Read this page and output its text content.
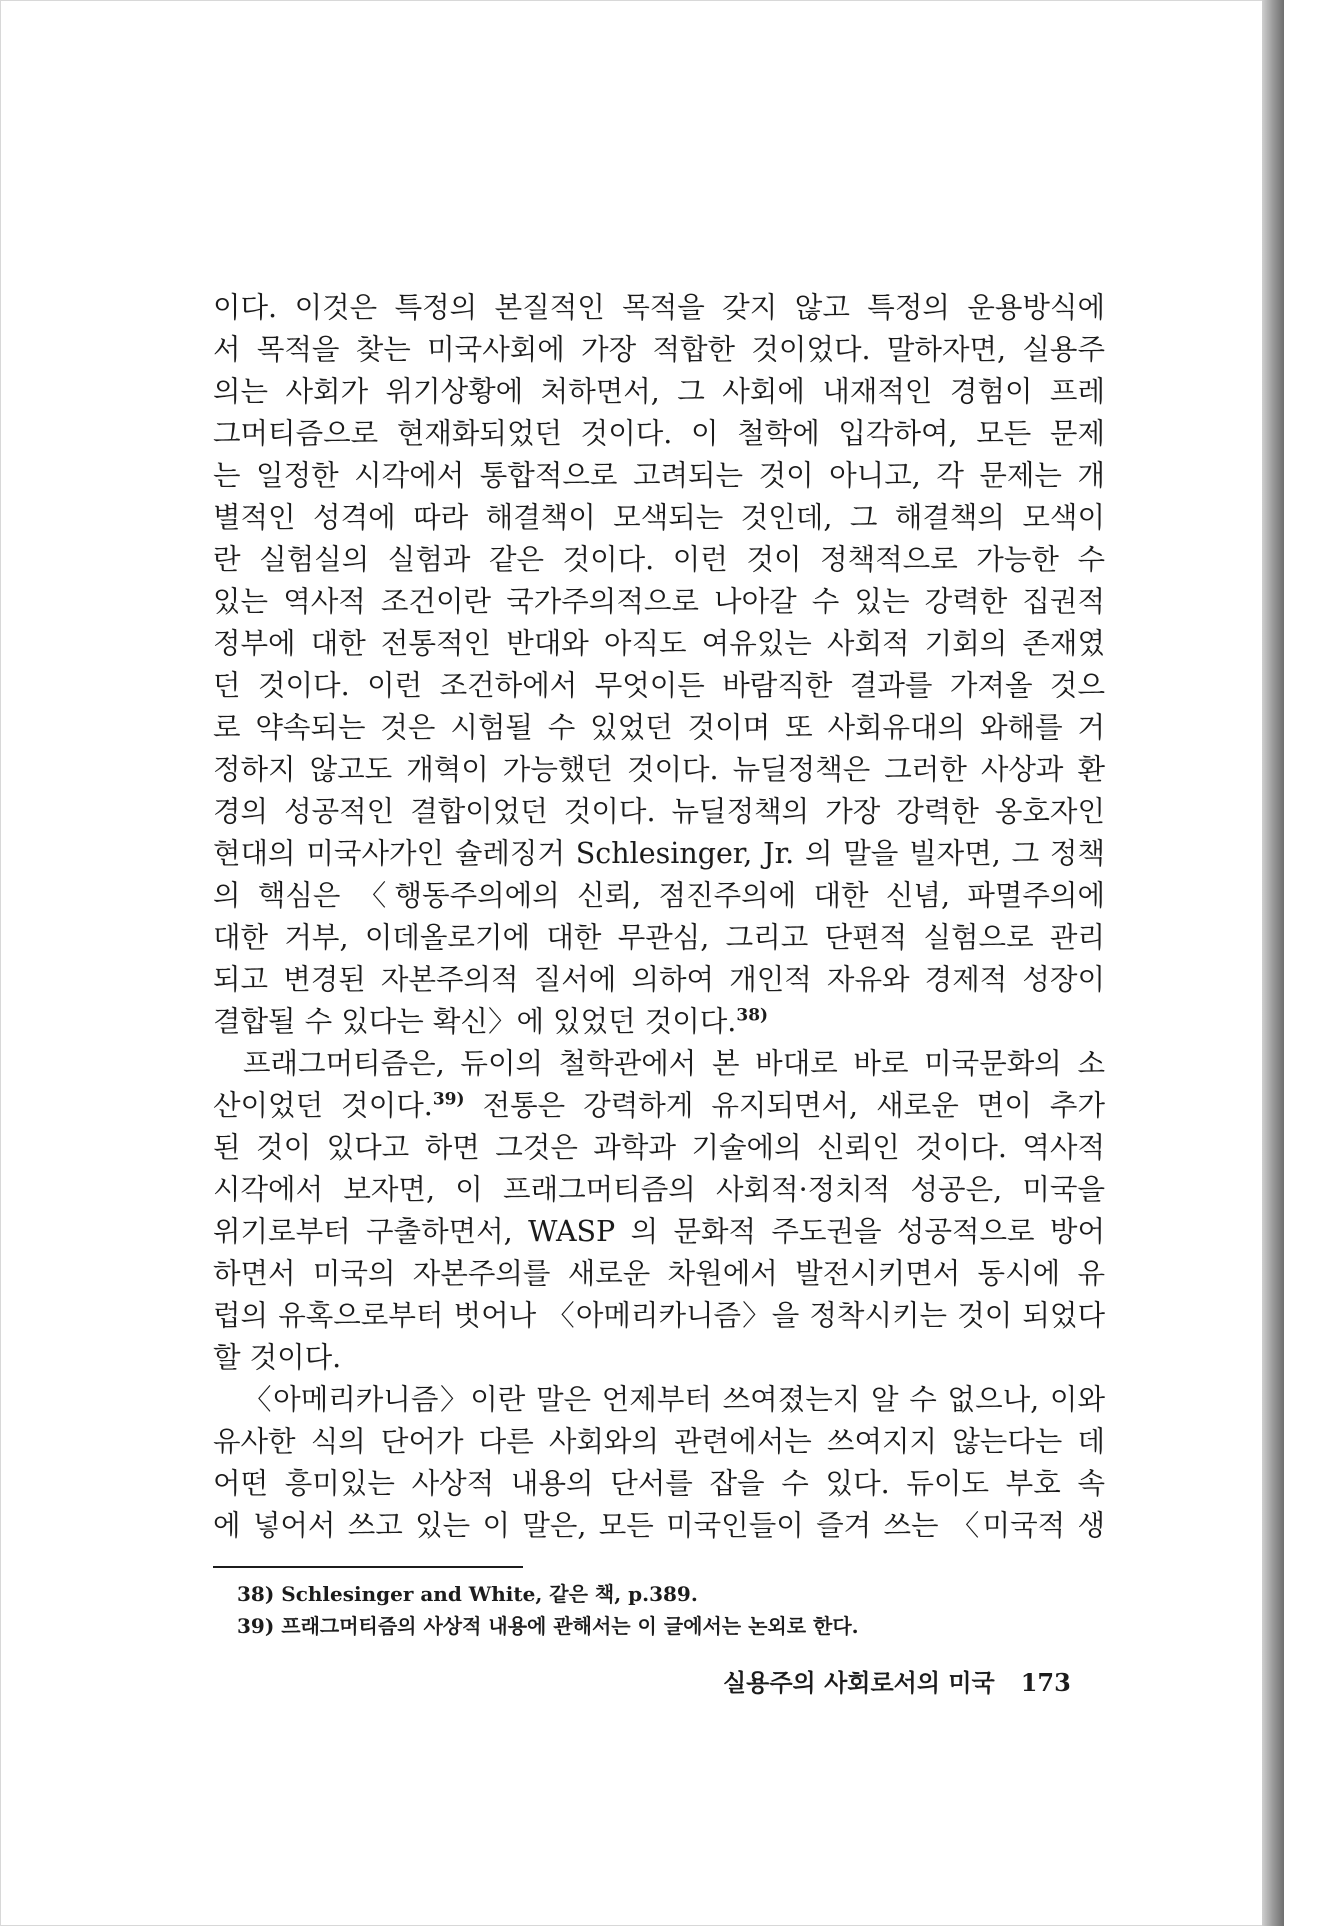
이다. 이것은 특정의 본질적인 목적을 갖지 않고 특정의 운용방식에
서 목적을 찾는 미국사회에 가장 적합한 것이었다. 말하자면, 실용주
의는 사회가 위기상황에 처하면서, 그 사회에 내재적인 경험이 프레
그머티즘으로 현재화되었던 것이다. 이 철학에 입각하여, 모든 문제
는 일정한 시각에서 통합적으로 고려되는 것이 아니고, 각 문제는 개
별적인 성격에 따라 해결책이 모색되는 것인데, 그 해결책의 모색이
란 실험실의 실험과 같은 것이다. 이런 것이 정책적으로 가능한 수
있는 역사적 조건이란 국가주의적으로 나아갈 수 있는 강력한 집권적
정부에 대한 전통적인 반대와 아직도 여유있는 사회적 기회의 존재였
던 것이다. 이런 조건하에서 무엇이든 바람직한 결과를 가져올 것으
로 약속되는 것은 시험될 수 있었던 것이며 또 사회유대의 와해를 거
정하지 않고도 개혁이 가능했던 것이다. 뉴딜정책은 그러한 사상과 환
경의 성공적인 결합이었던 것이다. 뉴딜정책의 가장 강력한 옹호자인
현대의 미국사가인 슐레징거 Schlesinger, Jr. 의 말을 빌자면, 그 정책
의 핵심은 〈행동주의에의 신뢰, 점진주의에 대한 신념, 파멸주의에
대한 거부, 이데올로기에 대한 무관심, 그리고 단편적 실험으로 관리
되고 변경된 자본주의적 질서에 의하여 개인적 자유와 경제적 성장이
결합될 수 있다는 확신〉에 있었던 것이다.$^{38)}$
프래그머티즘은, 듀이의 철학관에서 본 바대로 바로 미국문화의 소
산이었던 것이다.$^{39)}$ 전통은 강력하게 유지되면서, 새로운 면이 추가
된 것이 있다고 하면 그것은 과학과 기술에의 신뢰인 것이다. 역사적
시각에서 보자면, 이 프래그머티즘의 사회적·정치적 성공은, 미국을
위기로부터 구출하면서, WASP 의 문화적 주도권을 성공적으로 방어
하면서 미국의 자본주의를 새로운 차원에서 발전시키면서 동시에 유
럽의 유혹으로부터 벗어나 〈아메리카니즘〉을 정착시키는 것이 되었다
할 것이다.
〈아메리카니즘〉이란 말은 언제부터 쓰여졌는지 알 수 없으나, 이와
유사한 식의 단어가 다른 사회와의 관련에서는 쓰여지지 않는다는 데
어떤 흥미있는 사상적 내용의 단서를 잡을 수 있다. 듀이도 부호 속
에 넣어서 쓰고 있는 이 말은, 모든 미국인들이 즐겨 쓰는 〈미국적 생
38) Schlesinger and White, 같은 책, p.389.
39) 프래그머티즘의 사상적 내용에 관해서는 이 글에서는 논외로 한다.
실용주의 사회로서의 미국 173
